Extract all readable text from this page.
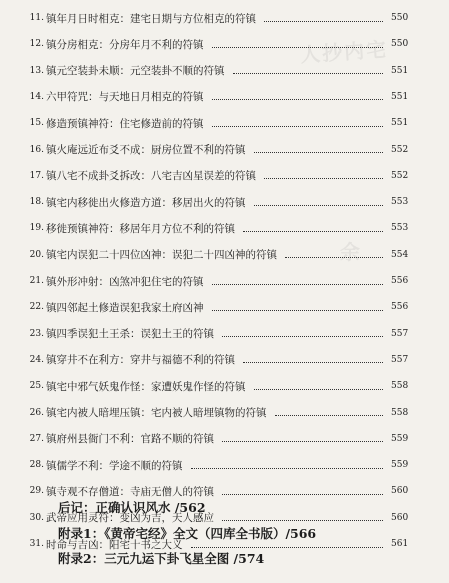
人抄内宅
余
11. 镇年月日时相克：建宅日期与方位相克的符镇	550
12. 镇分房相克：分房年月不利的符镇	550
13. 镇元空装卦未顺：元空装卦不顺的符镇	551
14. 六甲符咒：与天地日月相克的符镇	551
15. 修造预镇神符：住宅修造前的符镇	551
16. 镇火庵远近布爻不成：厨房位置不利的符镇	552
17. 镇八宅不成卦爻拆改：八宅吉凶星误差的符镇	552
18. 镇宅内移徙出火修造方道：移居出火的符镇	553
19. 移徙预镇神符：移居年月方位不利的符镇	553
20. 镇宅内误犯二十四位凶神：误犯二十四凶神的符镇	554
21. 镇外形冲射：凶煞冲犯住宅的符镇	556
22. 镇四邻起土修造误犯我家土府凶神	556
23. 镇四季误犯土王杀：误犯土王的符镇	557
24. 镇穿井不在利方：穿井与福德不利的符镇	557
25. 镇宅中邪气妖鬼作怪：家遭妖鬼作怪的符镇	558
26. 镇宅内被人暗埋压镇：宅内被人暗埋镇物的符镇	558
27. 镇府州县衙门不利：官路不顺的符镇	559
28. 镇儒学不利：学途不顺的符镇	559
29. 镇寺观不存僧道：寺庙无僧人的符镇	560
30. 武帝应用灵符：变凶为吉，天人感应	560
31. 时命与吉凶：阳宅十书之大义	561
后记：正确认识风水 /562
附录1：《黄帝宅经》全文（四库全书版）/566
附录2：三元九运下卦飞星全图 /574
